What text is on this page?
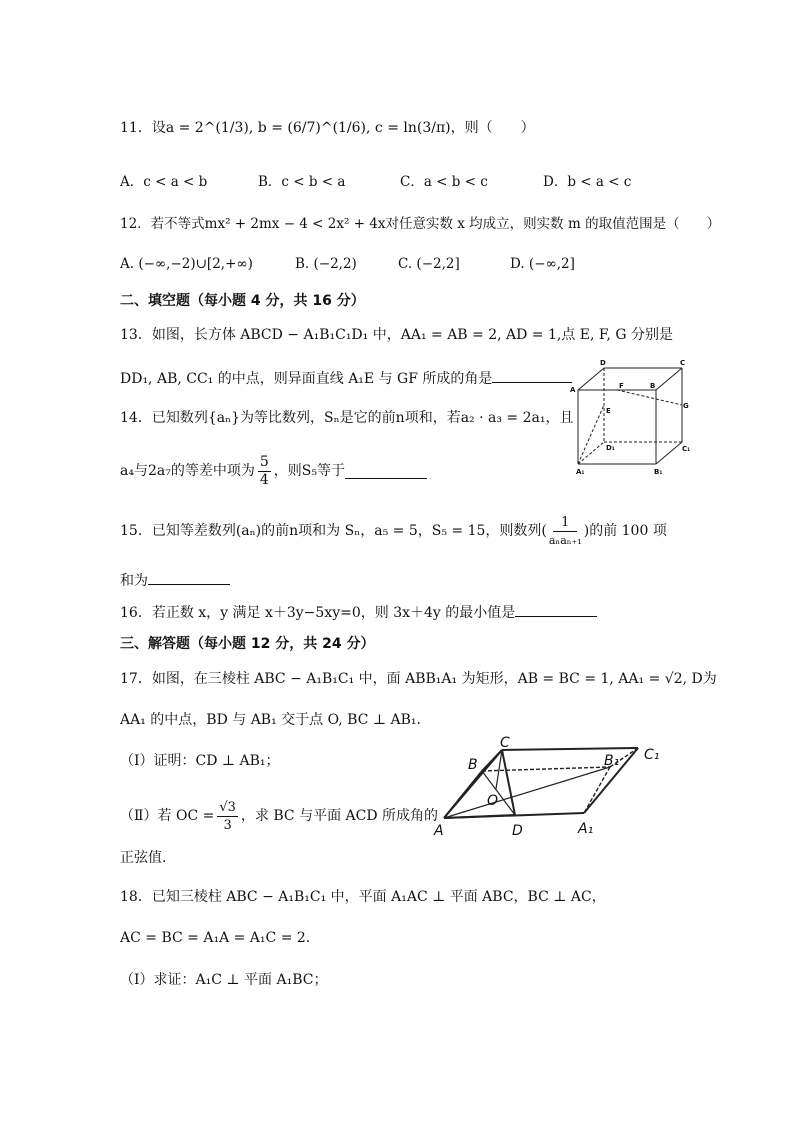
11．设a = 2^(1/3), b = (6/7)^(1/6), c = ln(3/π)，则（　　）
A．c < a < b	B．c < b < a	C．a < b < c	D．b < a < c
12．若不等式mx² + 2mx − 4 < 2x² + 4x对任意实数 x 均成立，则实数 m 的取值范围是（　　）
A. (−∞,−2)∪[2,+∞)	B. (−2,2)	C. (−2,2]	D. (−∞,2]
二、填空题（每小题 4 分，共 16 分）
13．如图，长方体 ABCD − A₁B₁C₁D₁ 中，AA₁ = AB = 2, AD = 1,点 E, F, G 分别是
DD₁, AB, CC₁ 的中点，则异面直线 A₁E 与 GF 所成的角是
D	C
A	F	B
E
G
D₁	C₁
A₁	B₁
14．已知数列{aₙ}为等比数列，Sₙ是它的前n项和，若a₂ · a₃ = 2a₁，且
a₄与2a₇的等差中项为 $\frac{5}{4}$ ，则S₅等于
15．已知等差数列(aₙ)的前n项和为 Sₙ，a₅ = 5，S₅ = 15，则数列(
1
aₙaₙ₊₁
)的前 100 项
和为
16．若正数 x，y 满足 x＋3y−5xy=0，则 3x＋4y 的最小值是
三、解答题（每小题 12 分，共 24 分）
17．如图，在三棱柱 ABC − A₁B₁C₁ 中，面 ABB₁A₁ 为矩形，AB = BC = 1, AA₁ = √2, D为
AA₁ 的中点，BD 与 AB₁ 交于点 O, BC ⊥ AB₁．
（Ⅰ）证明：CD ⊥ AB₁；
（Ⅱ）若 OC = $\frac{√3}{3}$ ，求 BC 与平面 ACD 所成角的
正弦值.
C
C₁
B	B₁
O
A	D	A₁
18．已知三棱柱 ABC − A₁B₁C₁ 中，平面 A₁AC ⊥ 平面 ABC，BC ⊥ AC，
AC = BC = A₁A = A₁C = 2．
（Ⅰ）求证：A₁C ⊥ 平面 A₁BC；
